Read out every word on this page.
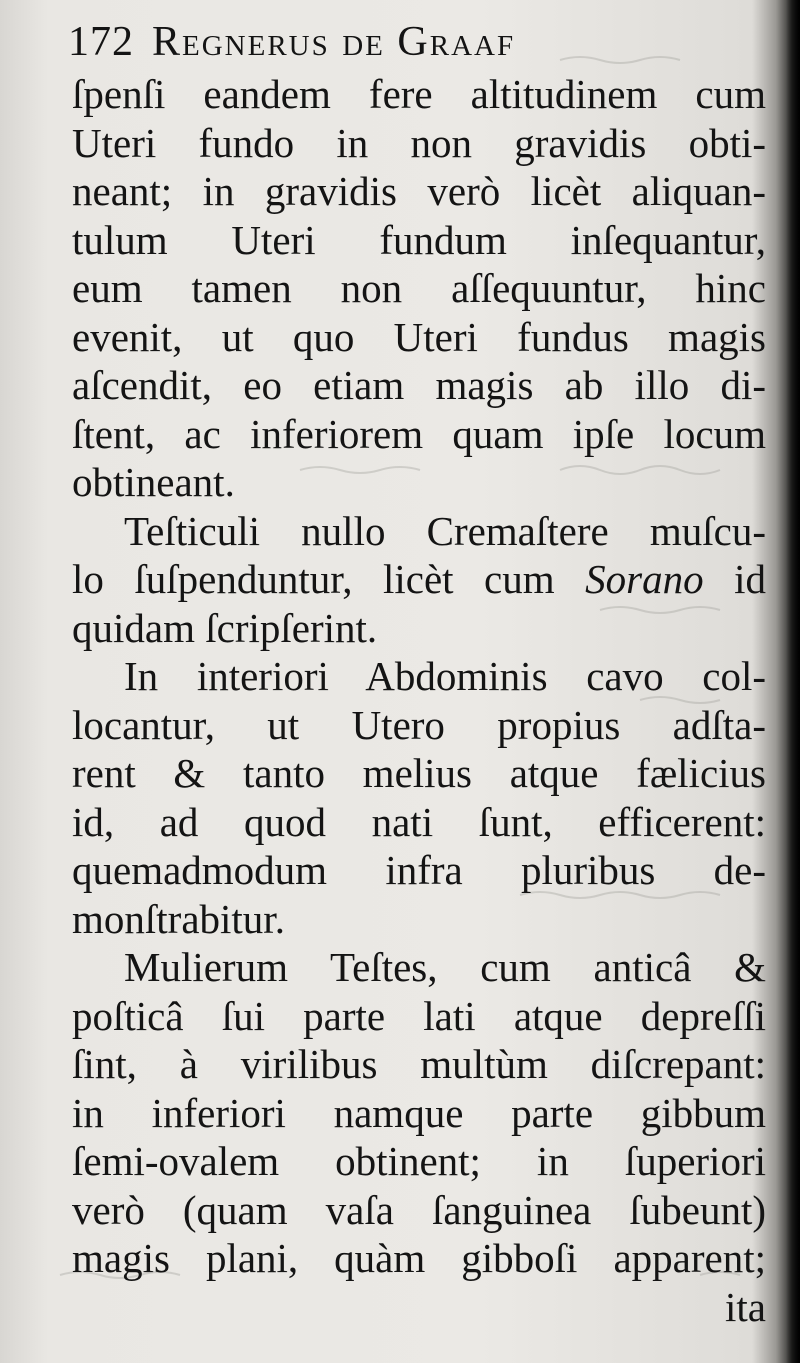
172 Regnerus de Graaf
ſpenſi eandem fere altitudinem cum
Uteri fundo in non gravidis obti-
neant; in gravidis verò licèt aliquan-
tulum Uteri fundum inſequantur,
eum tamen non aſſequuntur, hinc
evenit, ut quo Uteri fundus magis
aſcendit, eo etiam magis ab illo di-
ſtent, ac inferiorem quam ipſe locum
obtineant.
Teſticuli nullo Cremaſtere muſcu-
lo ſuſpenduntur, licèt cum Sorano id
quidam ſcripſerint.
In interiori Abdominis cavo col-
locantur, ut Utero propius adſta-
rent & tanto melius atque fælicius
id, ad quod nati ſunt, efficerent:
quemadmodum infra pluribus de-
monſtrabitur.
Mulierum Teſtes, cum anticâ &
poſticâ ſui parte lati atque depreſſi
ſint, à virilibus multùm diſcrepant:
in inferiori namque parte gibbum
ſemi-ovalem obtinent; in ſuperiori
verò (quam vaſa ſanguinea ſubeunt)
magis plani, quàm gibboſi apparent;
ita
